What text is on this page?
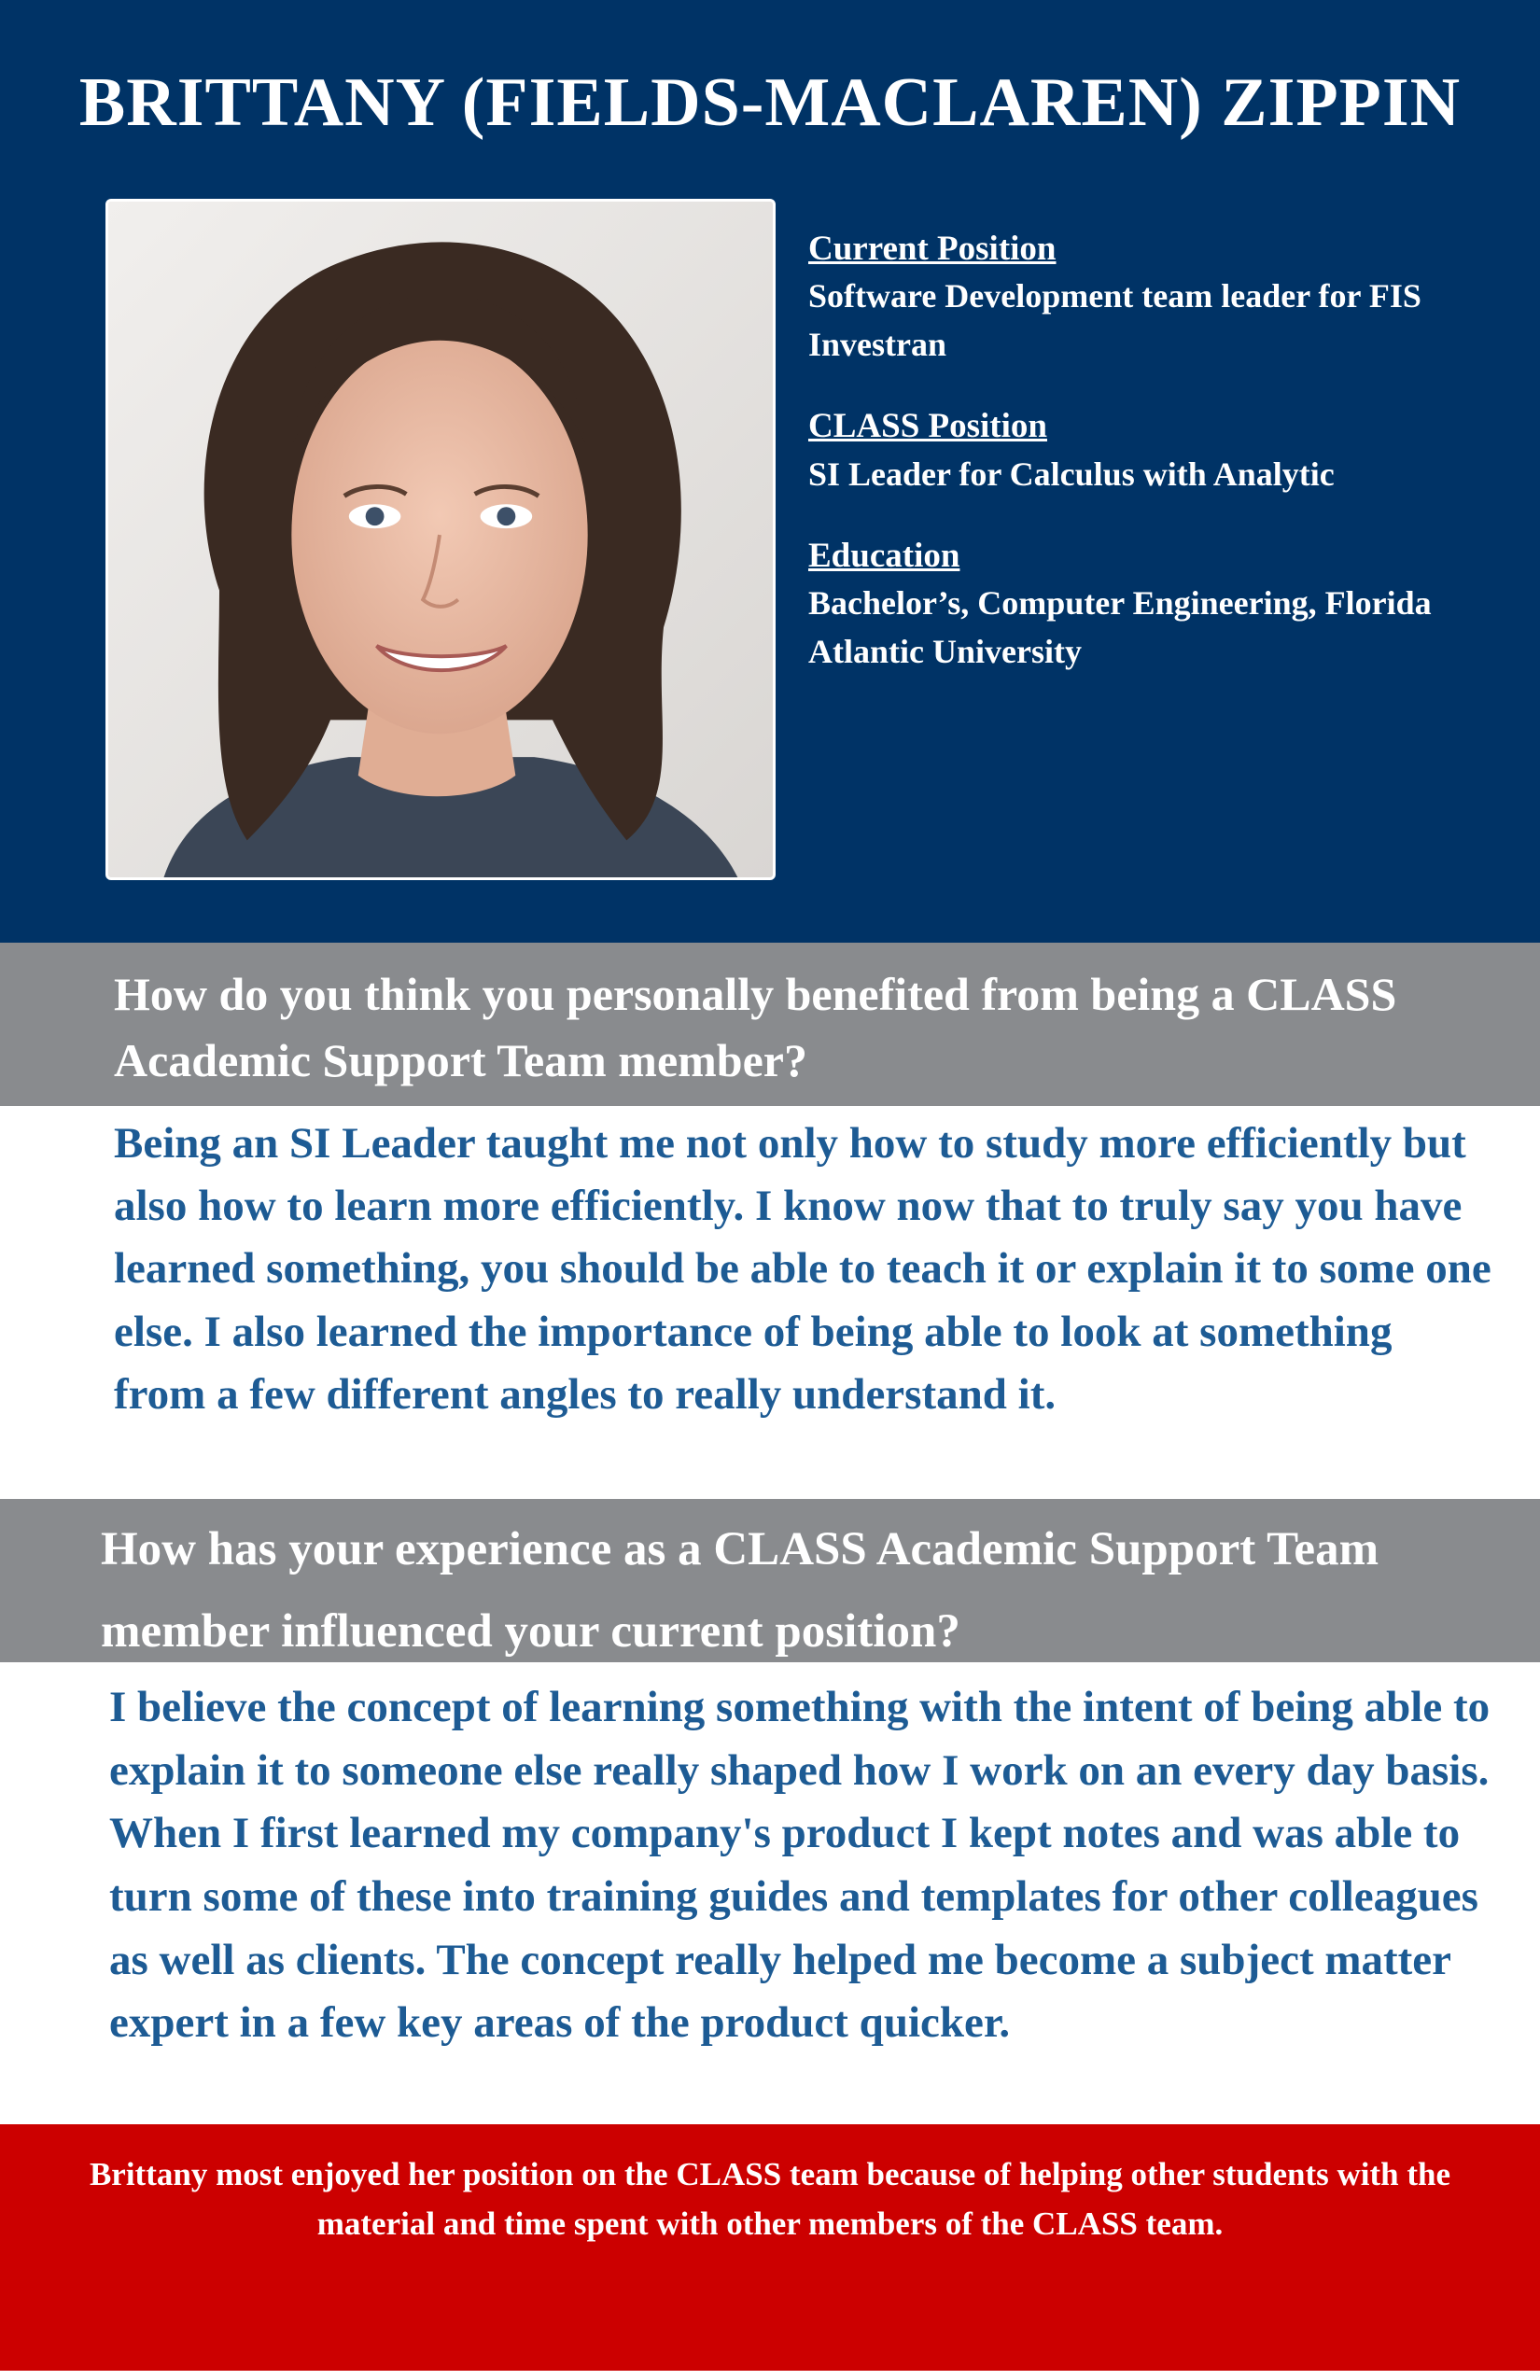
BRITTANY (FIELDS-MACLAREN) ZIPPIN
Current Position
Software Development team leader for FIS Investran
CLASS Position
SI Leader for Calculus with Analytic
Education
Bachelor’s, Computer Engineering, Florida Atlantic University
How do you think you personally benefited from being a CLASS Academic Support Team member?
Being an SI Leader taught me not only how to study more efficiently but also how to learn more efficiently. I know now that to truly say you have learned something, you should be able to teach it or explain it to some one else. I also learned the importance of being able to look at something from a few different angles to really understand it.
How has your experience as a CLASS Academic Support Team member influenced your current position?
I believe the concept of learning something with the intent of being able to explain it to someone else really shaped how I work on an every day basis. When I first learned my company's product I kept notes and was able to turn some of these into training guides and templates for other colleagues as well as clients. The concept really helped me become a subject matter expert in a few key areas of the product quicker.
Brittany most enjoyed her position on the CLASS team because of helping other students with the material and time spent with other members of the CLASS team.
